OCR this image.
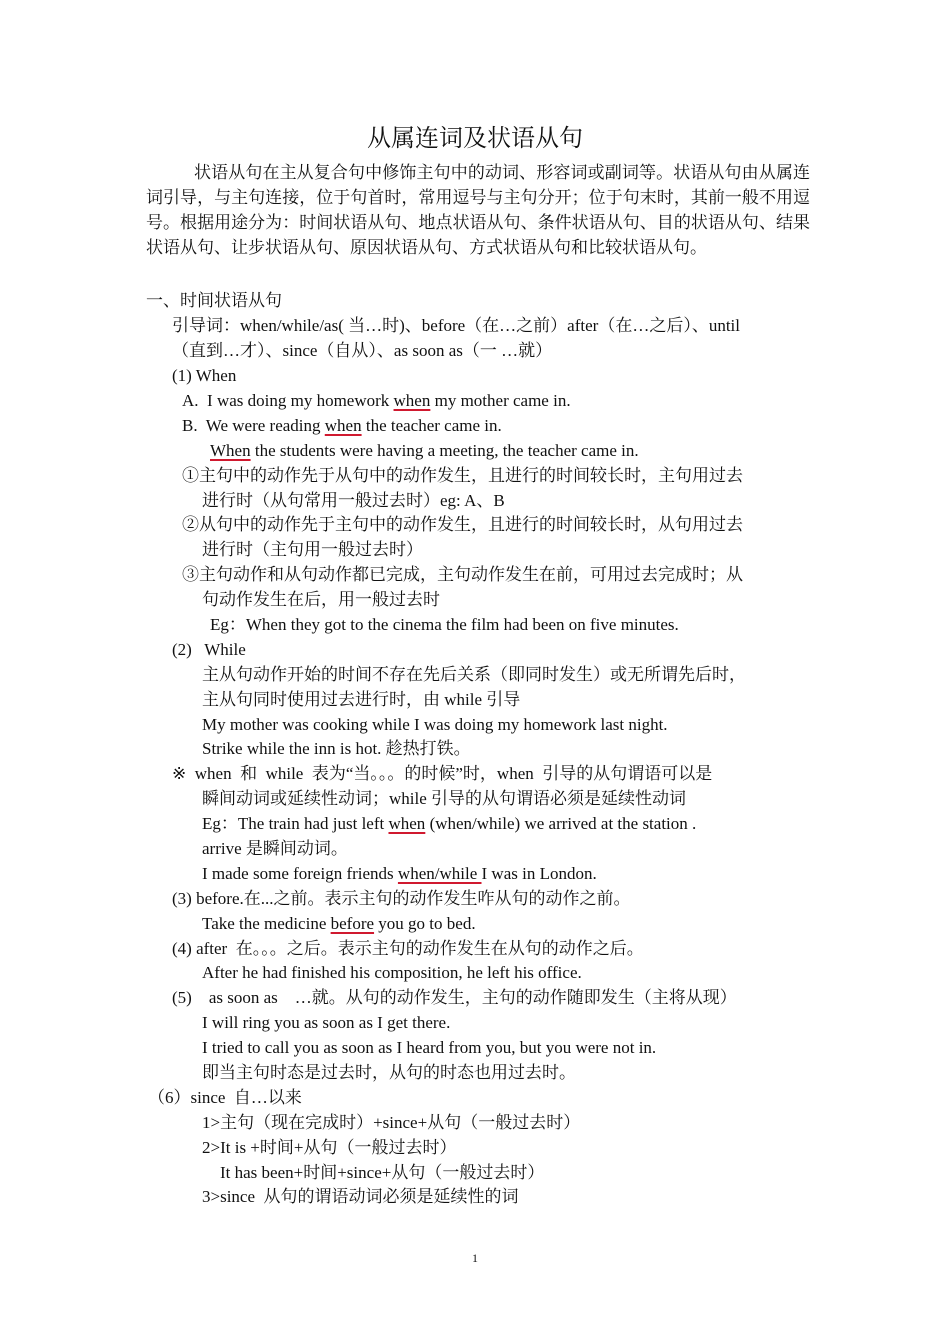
从属连词及状语从句
状语从句在主从复合句中修饰主句中的动词、形容词或副词等。状语从句由从属连词引导，与主句连接，位于句首时，常用逗号与主句分开；位于句末时，其前一般不用逗号。根据用途分为：时间状语从句、地点状语从句、条件状语从句、目的状语从句、结果状语从句、让步状语从句、原因状语从句、方式状语从句和比较状语从句。
一、时间状语从句
引导词：when/while/as( 当…时)、before（在…之前）after（在…之后）、until
（直到…才）、since（自从）、as soon as（一 …就）
(1) When
A.  I was doing my homework when my mother came in.
B.  We were reading when the teacher came in.
When the students were having a meeting, the teacher came in.
①主句中的动作先于从句中的动作发生，且进行的时间较长时，主句用过去
进行时（从句常用一般过去时）eg: A、B
②从句中的动作先于主句中的动作发生，且进行的时间较长时，从句用过去
进行时（主句用一般过去时）
③主句动作和从句动作都已完成，主句动作发生在前，可用过去完成时；从
句动作发生在后，用一般过去时
Eg：When they got to the cinema the film had been on five minutes.
(2)   While
主从句动作开始的时间不存在先后关系（即同时发生）或无所谓先后时，
主从句同时使用过去进行时，由 while 引导
My mother was cooking while I was doing my homework last night.
Strike while the inn is hot. 趁热打铁。
※  when  和  while  表为“当。。。的时候”时，when  引导的从句谓语可以是
瞬间动词或延续性动词；while 引导的从句谓语必须是延续性动词
Eg：The train had just left when (when/while) we arrived at the station .
arrive 是瞬间动词。
I made some foreign friends when/while I was in London.
(3) before.在...之前。表示主句的动作发生咋从句的动作之前。
Take the medicine before you go to bed.
(4) after  在。。。之后。表示主句的动作发生在从句的动作之后。
After he had finished his composition, he left his office.
(5)    as soon as    …就。从句的动作发生，主句的动作随即发生（主将从现）
I will ring you as soon as I get there.
I tried to call you as soon as I heard from you, but you were not in.
即当主句时态是过去时，从句的时态也用过去时。
（6）since  自…以来
1>主句（现在完成时）+since+从句（一般过去时）
2>It is +时间+从句（一般过去时）
It has been+时间+since+从句（一般过去时）
3>since  从句的谓语动词必须是延续性的词
1
